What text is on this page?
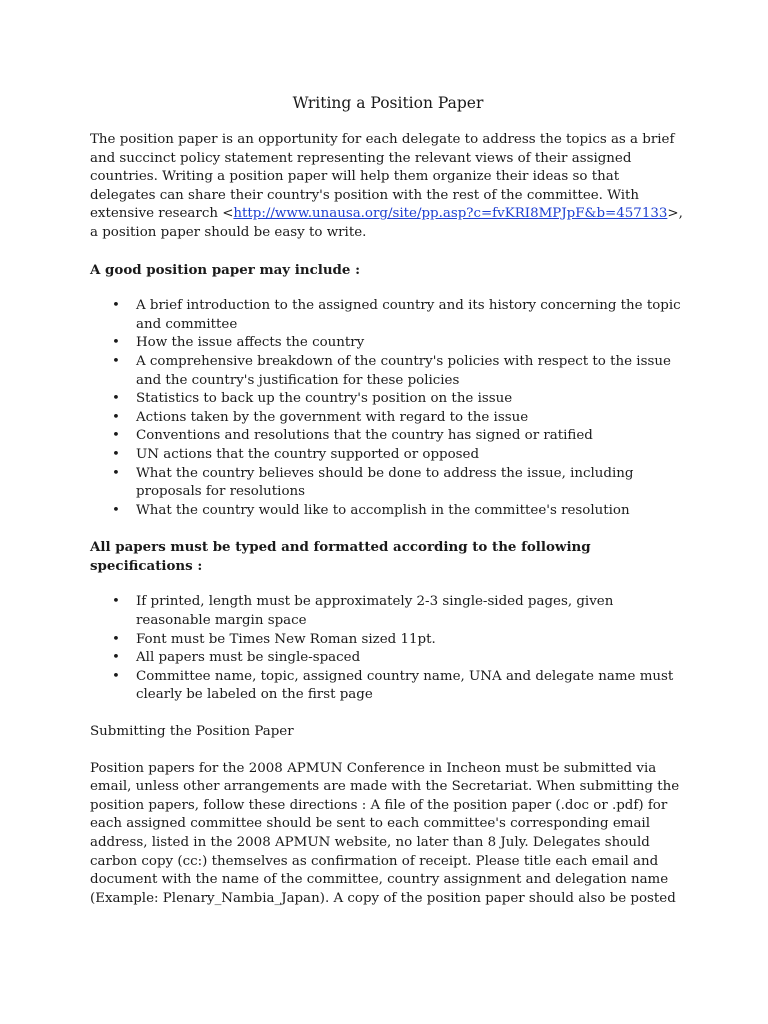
Writing a Position Paper

The position paper is an opportunity for each delegate to address the topics as a brief and succinct policy statement representing the relevant views of their assigned countries. Writing a position paper will help them organize their ideas so that delegates can share their country's position with the rest of the committee. With extensive research <http://www.unausa.org/site/pp.asp?c=fvKRI8MPJpF&b=457133>, a position paper should be easy to write.

A good position paper may include :

• A brief introduction to the assigned country and its history concerning the topic and committee
• How the issue affects the country
• A comprehensive breakdown of the country's policies with respect to the issue and the country's justification for these policies
• Statistics to back up the country's position on the issue
• Actions taken by the government with regard to the issue
• Conventions and resolutions that the country has signed or ratified
• UN actions that the country supported or opposed
• What the country believes should be done to address the issue, including proposals for resolutions
• What the country would like to accomplish in the committee's resolution

All papers must be typed and formatted according to the following specifications :

• If printed, length must be approximately 2-3 single-sided pages, given reasonable margin space
• Font must be Times New Roman sized 11pt.
• All papers must be single-spaced
• Committee name, topic, assigned country name, UNA and delegate name must clearly be labeled on the first page

Submitting the Position Paper

Position papers for the 2008 APMUN Conference in Incheon must be submitted via email, unless other arrangements are made with the Secretariat. When submitting the position papers, follow these directions : A file of the position paper (.doc or .pdf) for each assigned committee should be sent to each committee's corresponding email address, listed in the 2008 APMUN website, no later than 8 July. Delegates should carbon copy (cc:) themselves as confirmation of receipt. Please title each email and document with the name of the committee, country assignment and delegation name (Example: Plenary_Nambia_Japan). A copy of the position paper should also be posted
